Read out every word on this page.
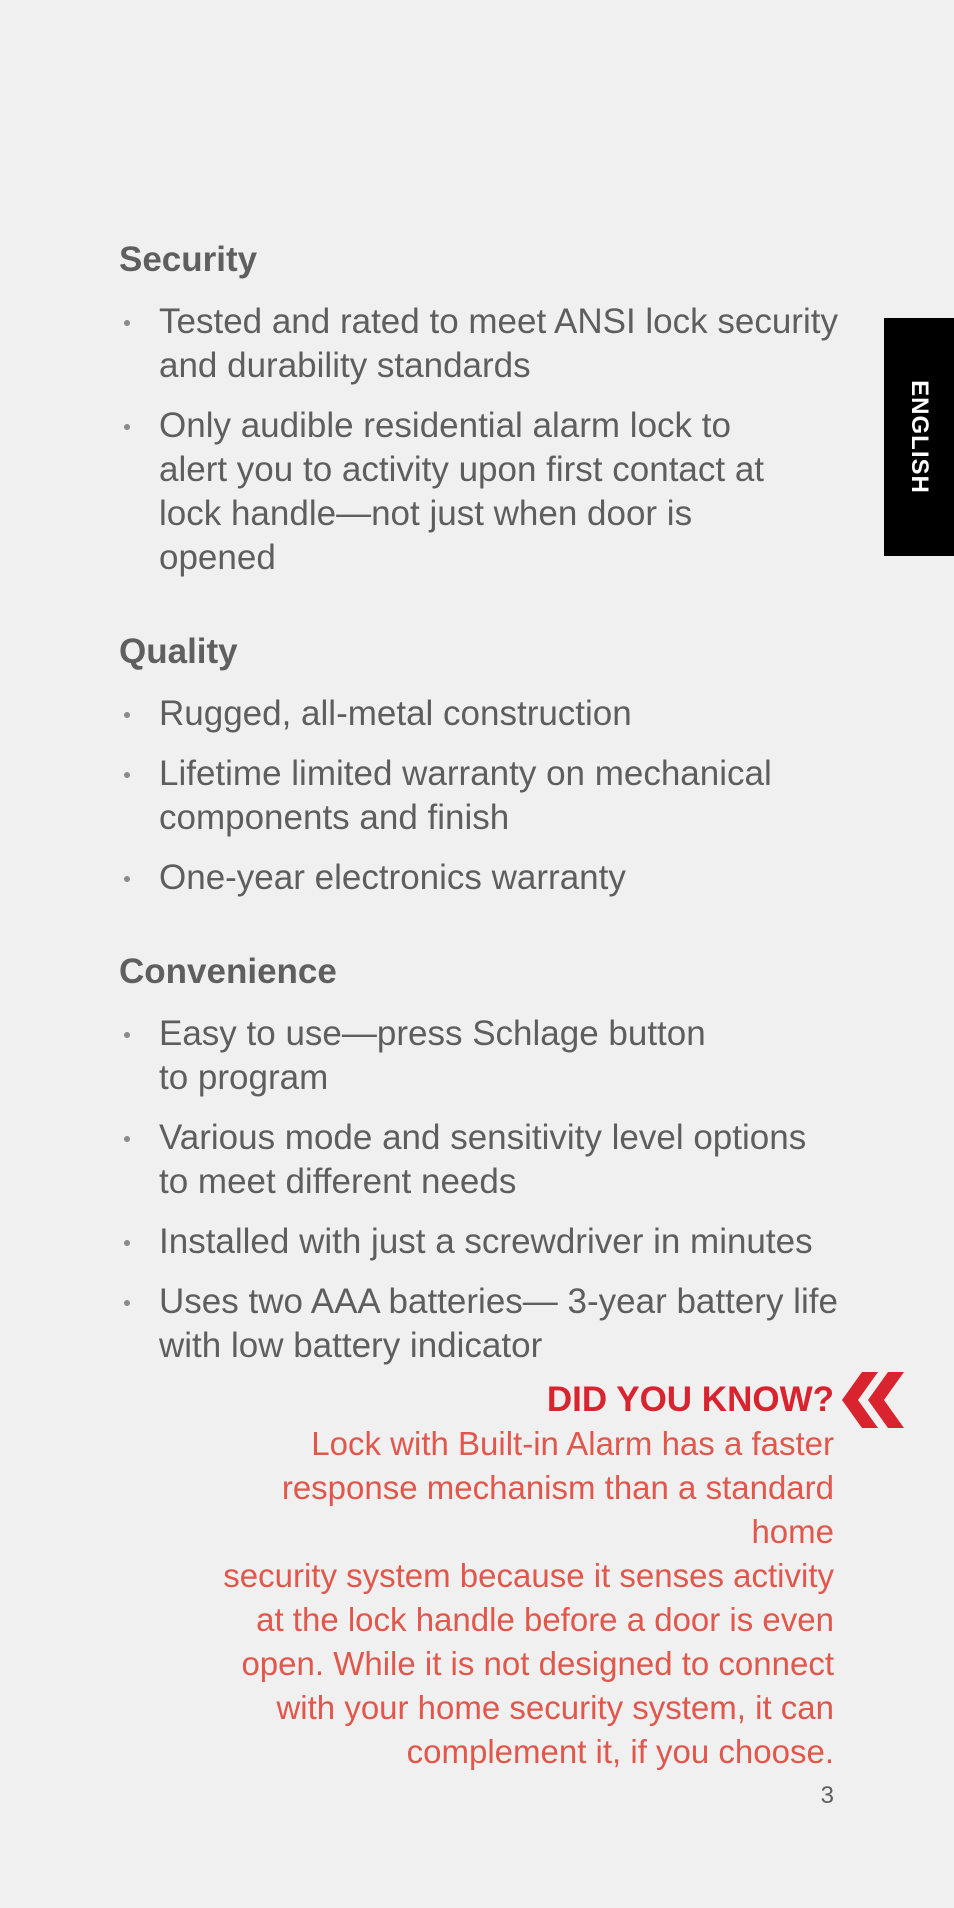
Security
Tested and rated to meet ANSI lock security and durability standards
Only audible residential alarm lock to alert you to activity upon first contact at lock handle—not just when door is opened
Quality
Rugged, all-metal construction
Lifetime limited warranty on mechanical components and finish
One-year electronics warranty
Convenience
Easy to use—press Schlage button to program
Various mode and sensitivity level options to meet different needs
Installed with just a screwdriver in minutes
Uses two AAA batteries— 3-year battery life with low battery indicator
ENGLISH
DID YOU KNOW?
Lock with Built-in Alarm has a faster
response mechanism than a standard home
security system because it senses activity
at the lock handle before a door is even
open. While it is not designed to connect
with your home security system, it can
complement it, if you choose.
3
